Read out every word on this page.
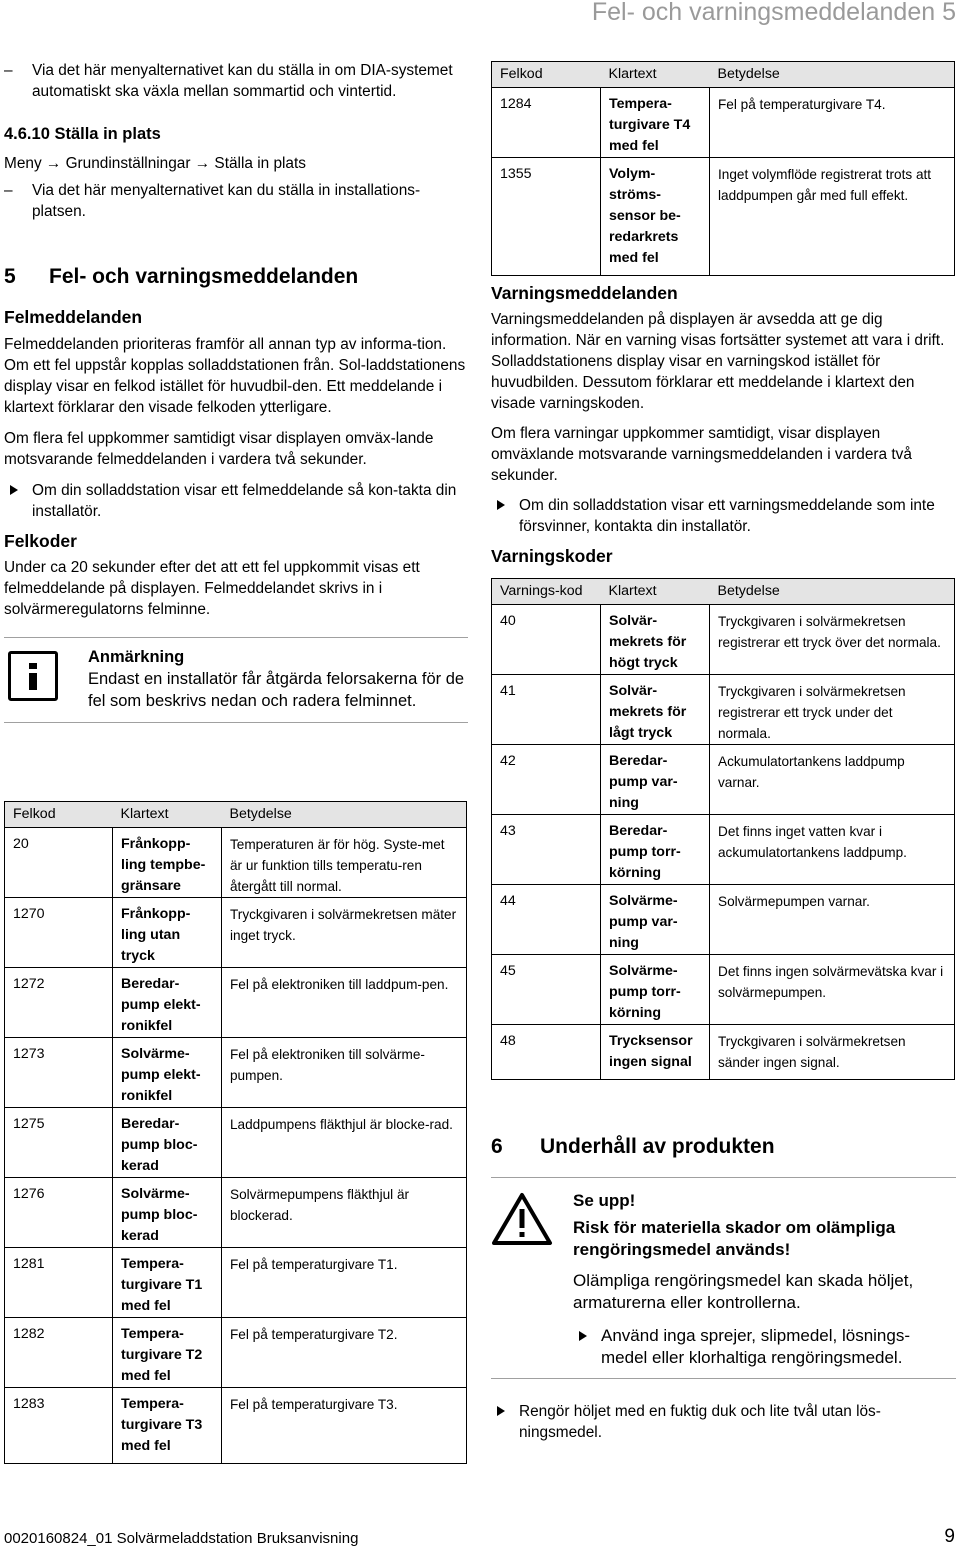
Fel- och varningsmeddelanden 5

– Via det här menyalternativet kan du ställa in om DIA-systemet automatiskt ska växla mellan sommartid och vintertid.

4.6.10 Ställa in plats

Meny → Grundinställningar → Ställa in plats

– Via det här menyalternativet kan du ställa in installations-platsen.

5	Fel- och varningsmeddelanden
Felmeddelanden

Felmeddelanden prioriteras framför all annan typ av informa-tion. Om ett fel uppstår kopplas solladdstationen från. Sol-laddstationens display visar en felkod istället för huvudbil-den. Ett meddelande i klartext förklarar den visade felkoden ytterligare.

Om flera fel uppkommer samtidigt visar displayen omväx-lande motsvarande felmeddelanden i vardera två sekunder.

Om din solladdstation visar ett felmeddelande så kon-takta din installatör.

Felkoder

Under ca 20 sekunder efter det att ett fel uppkommit visas ett felmeddelande på displayen. Felmeddelandet skrivs in i solvärmeregulatorns felminne.

Anmärkning
Endast en installatör får åtgärda felorsakerna för de fel som beskrivs nedan och radera felminnet.
Felkod	Klartext	Betydelse
20	Frånkopp-ling tempbe-gränsare	Temperaturen är för hög. Syste-met är ur funktion tills temperatu-ren återgått till normal.
1270	Frånkopp-ling utan tryck	Tryckgivaren i solvärmekretsen mäter inget tryck.
1272	Beredar-pump elekt-ronikfel	Fel på elektroniken till laddpum-pen.
1273	Solvärme-pump elekt-ronikfel	Fel på elektroniken till solvärme-pumpen.
1275	Beredar-pump bloc-kerad	Laddpumpens fläkthjul är blocke-rad.
1276	Solvärme-pump bloc-kerad	Solvärmepumpens fläkthjul är blockerad.
1281	Tempera-turgivare T1 med fel	Fel på temperaturgivare T1.
1282	Tempera-turgivare T2 med fel	Fel på temperaturgivare T2.
1283	Tempera-turgivare T3 med fel	Fel på temperaturgivare T3.
Felkod	Klartext	Betydelse
1284	Tempera-turgivare T4 med fel	Fel på temperaturgivare T4.
1355	Volym-ströms-sensor be-redarkrets med fel	Inget volymflöde registrerat trots att laddpumpen går med full effekt.
Varningsmeddelanden

Varningsmeddelanden på displayen är avsedda att ge dig information. När en varning visas fortsätter systemet att vara i drift. Solladdstationens display visar en varningskod istället för huvudbilden. Dessutom förklarar ett meddelande i klartext den visade varningskoden.

Om flera varningar uppkommer samtidigt, visar displayen omväxlande motsvarande varningsmeddelanden i vardera två sekunder.

Om din solladdstation visar ett varningsmeddelande som inte försvinner, kontakta din installatör.

Varningskoder
Varnings-kod	Klartext	Betydelse
40	Solvär-mekrets för högt tryck	Tryckgivaren i solvärmekretsen registrerar ett tryck över det normala.
41	Solvär-mekrets för lågt tryck	Tryckgivaren i solvärmekretsen registrerar ett tryck under det normala.
42	Beredar-pump var-ning	Ackumulatortankens laddpump varnar.
43	Beredar-pump torr-körning	Det finns inget vatten kvar i ackumulatortankens laddpump.
44	Solvärme-pump var-ning	Solvärmepumpen varnar.
45	Solvärme-pump torr-körning	Det finns ingen solvärmevätska kvar i solvärmepumpen.
48	Trycksensor ingen signal	Tryckgivaren i solvärmekretsen sänder ingen signal.
6	Underhåll av produkten
Se upp!
Risk för materiella skador om olämpliga rengöringsmedel används!
Olämpliga rengöringsmedel kan skada höljet, armaturerna eller kontrollerna.
Använd inga sprejer, slipmedel, lösnings-medel eller klorhaltiga rengöringsmedel.

Rengör höljet med en fuktig duk och lite tvål utan lös-ningsmedel.

0020160824_01 Solvärmeladdstation Bruksanvisning	9
